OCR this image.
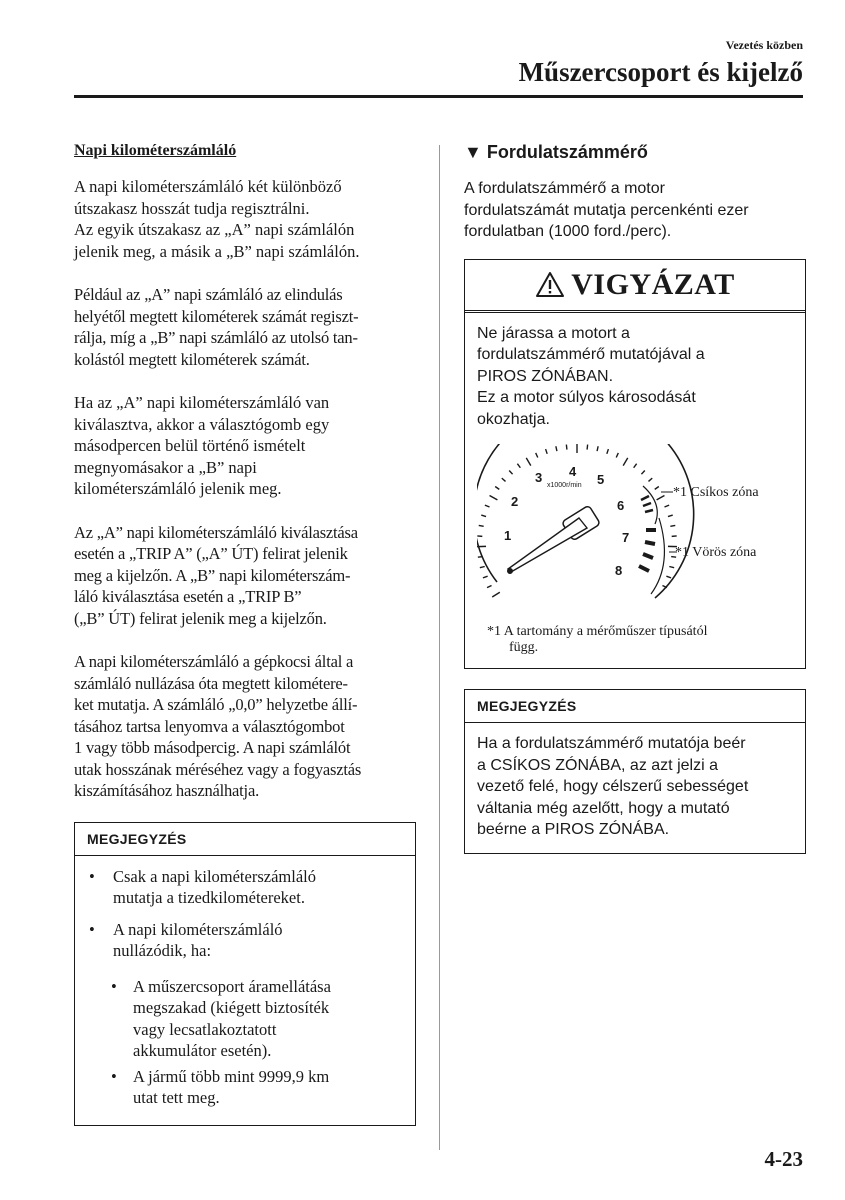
Vezetés közben
Műszercsoport és kijelző
Napi kilométerszámláló
A napi kilométerszámláló két különböző
útszakasz hosszát tudja regisztrálni.
Az egyik útszakasz az „A” napi számlálón
jelenik meg, a másik a „B” napi számlálón.
Például az „A” napi számláló az elindulás
helyétől megtett kilométerek számát regiszt-
rálja, míg a „B” napi számláló az utolsó tan-
kolástól megtett kilométerek számát.
Ha az „A” napi kilométerszámláló van
kiválasztva, akkor a választógomb egy
másodpercen belül történő ismételt
megnyomásakor a „B” napi
kilométerszámláló jelenik meg.
Az „A” napi kilométerszámláló kiválasztása
esetén a „TRIP A” („A” ÚT) felirat jelenik
meg a kijelzőn. A „B” napi kilométerszám-
láló kiválasztása esetén a „TRIP B”
(„B” ÚT) felirat jelenik meg a kijelzőn.
A napi kilométerszámláló a gépkocsi által a
számláló nullázása óta megtett kilométere-
ket mutatja. A számláló „0,0” helyzetbe állí-
tásához tartsa lenyomva a választógombot
1 vagy több másodpercig. A napi számlálót
utak hosszának méréséhez vagy a fogyasztás
kiszámításához használhatja.
MEGJEGYZÉS
•	Csak a napi kilométerszámláló
mutatja a tizedkilométereket.
•	A napi kilométerszámláló
nullázódik, ha:
• A műszercsoport áramellátása
megszakad (kiégett biztosíték
vagy lecsatlakoztatott
akkumulátor esetén).
• A jármű több mint 9999,9 km
utat tett meg.
▼ Fordulatszámmérő
A fordulatszámmérő a motor
fordulatszámát mutatja percenkénti ezer
fordulatban (1000 ford./perc).
VIGYÁZAT
Ne járassa a motort a
fordulatszámmérő mutatójával a
PIROS ZÓNÁBAN.
Ez a motor súlyos károsodását
okozhatja.
1
2
3 4
5
6
7
8
x1000r/min	*1 Csíkos zóna
*1 Vörös zóna
*1 A tartomány a mérőműszer típusától
függ.
MEGJEGYZÉS
Ha a fordulatszámmérő mutatója beér
a CSÍKOS ZÓNÁBA, az azt jelzi a
vezető felé, hogy célszerű sebességet
váltania még azelőtt, hogy a mutató
beérne a PIROS ZÓNÁBA.
4-23
